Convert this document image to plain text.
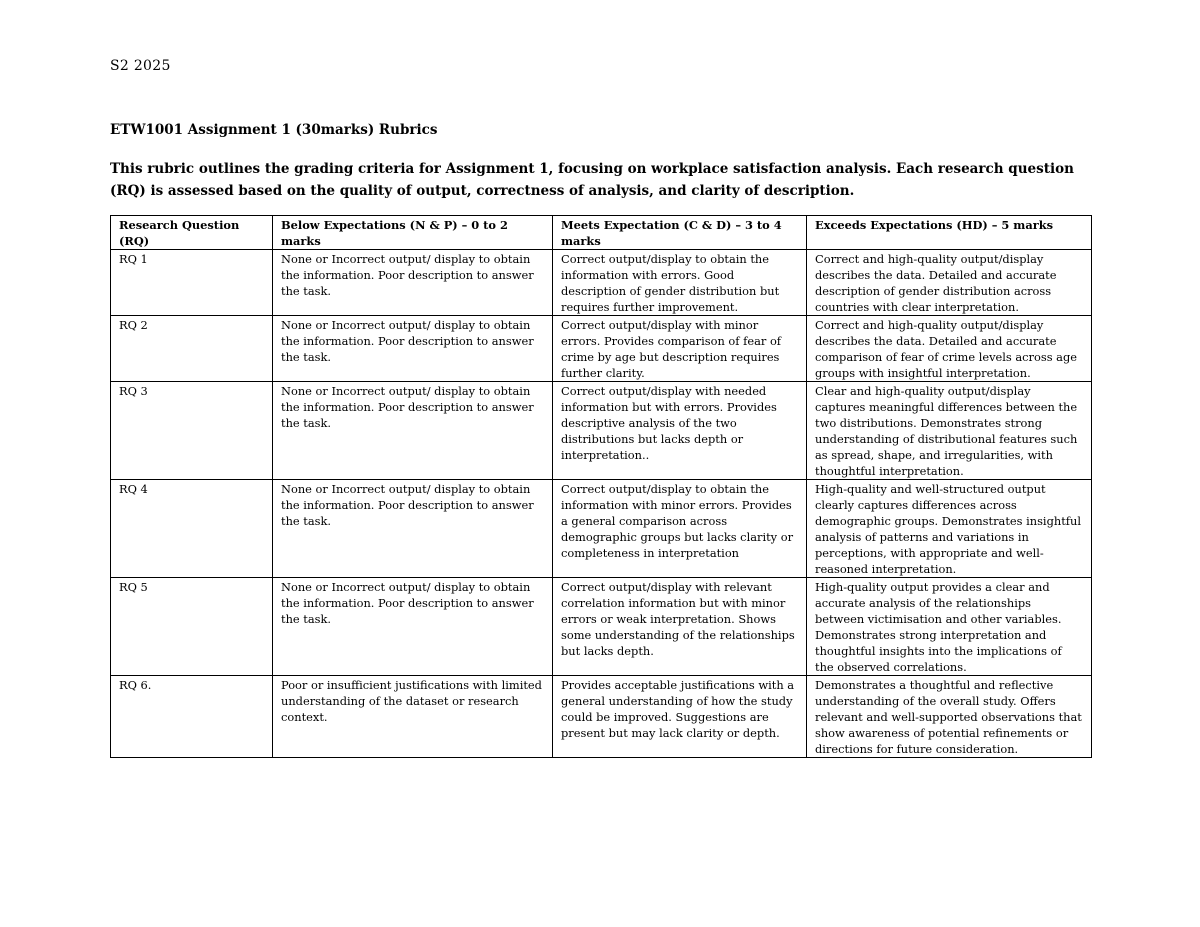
S2 2025
ETW1001 Assignment 1 (30marks) Rubrics
This rubric outlines the grading criteria for Assignment 1, focusing on workplace satisfaction analysis. Each research question (RQ) is assessed based on the quality of output, correctness of analysis, and clarity of description.
Research Question (RQ)	Below Expectations (N & P) – 0 to 2 marks	Meets Expectation (C & D) – 3 to 4 marks	Exceeds Expectations (HD) – 5 marks
RQ 1	None or Incorrect output/ display to obtain the information. Poor description to answer the task.	Correct output/display to obtain the information with errors. Good description of gender distribution but requires further improvement.	Correct and high-quality output/display describes the data. Detailed and accurate description of gender distribution across countries with clear interpretation.
RQ 2	None or Incorrect output/ display to obtain the information. Poor description to answer the task.	Correct output/display with minor errors. Provides comparison of fear of crime by age but description requires further clarity.	Correct and high-quality output/display describes the data. Detailed and accurate comparison of fear of crime levels across age groups with insightful interpretation.
RQ 3	None or Incorrect output/ display to obtain the information. Poor description to answer the task.	Correct output/display with needed information but with errors. Provides descriptive analysis of the two distributions but lacks depth or interpretation..	Clear and high-quality output/display captures meaningful differences between the two distributions. Demonstrates strong understanding of distributional features such as spread, shape, and irregularities, with thoughtful interpretation.
RQ 4	None or Incorrect output/ display to obtain the information. Poor description to answer the task.	Correct output/display to obtain the information with minor errors. Provides a general comparison across demographic groups but lacks clarity or completeness in interpretation	High-quality and well-structured output clearly captures differences across demographic groups. Demonstrates insightful analysis of patterns and variations in perceptions, with appropriate and well-reasoned interpretation.
RQ 5	None or Incorrect output/ display to obtain the information. Poor description to answer the task.	Correct output/display with relevant correlation information but with minor errors or weak interpretation. Shows some understanding of the relationships but lacks depth.	High-quality output provides a clear and accurate analysis of the relationships between victimisation and other variables. Demonstrates strong interpretation and thoughtful insights into the implications of the observed correlations.
RQ 6.	Poor or insufficient justifications with limited understanding of the dataset or research context.	Provides acceptable justifications with a general understanding of how the study could be improved. Suggestions are present but may lack clarity or depth.	Demonstrates a thoughtful and reflective understanding of the overall study. Offers relevant and well-supported observations that show awareness of potential refinements or directions for future consideration.
